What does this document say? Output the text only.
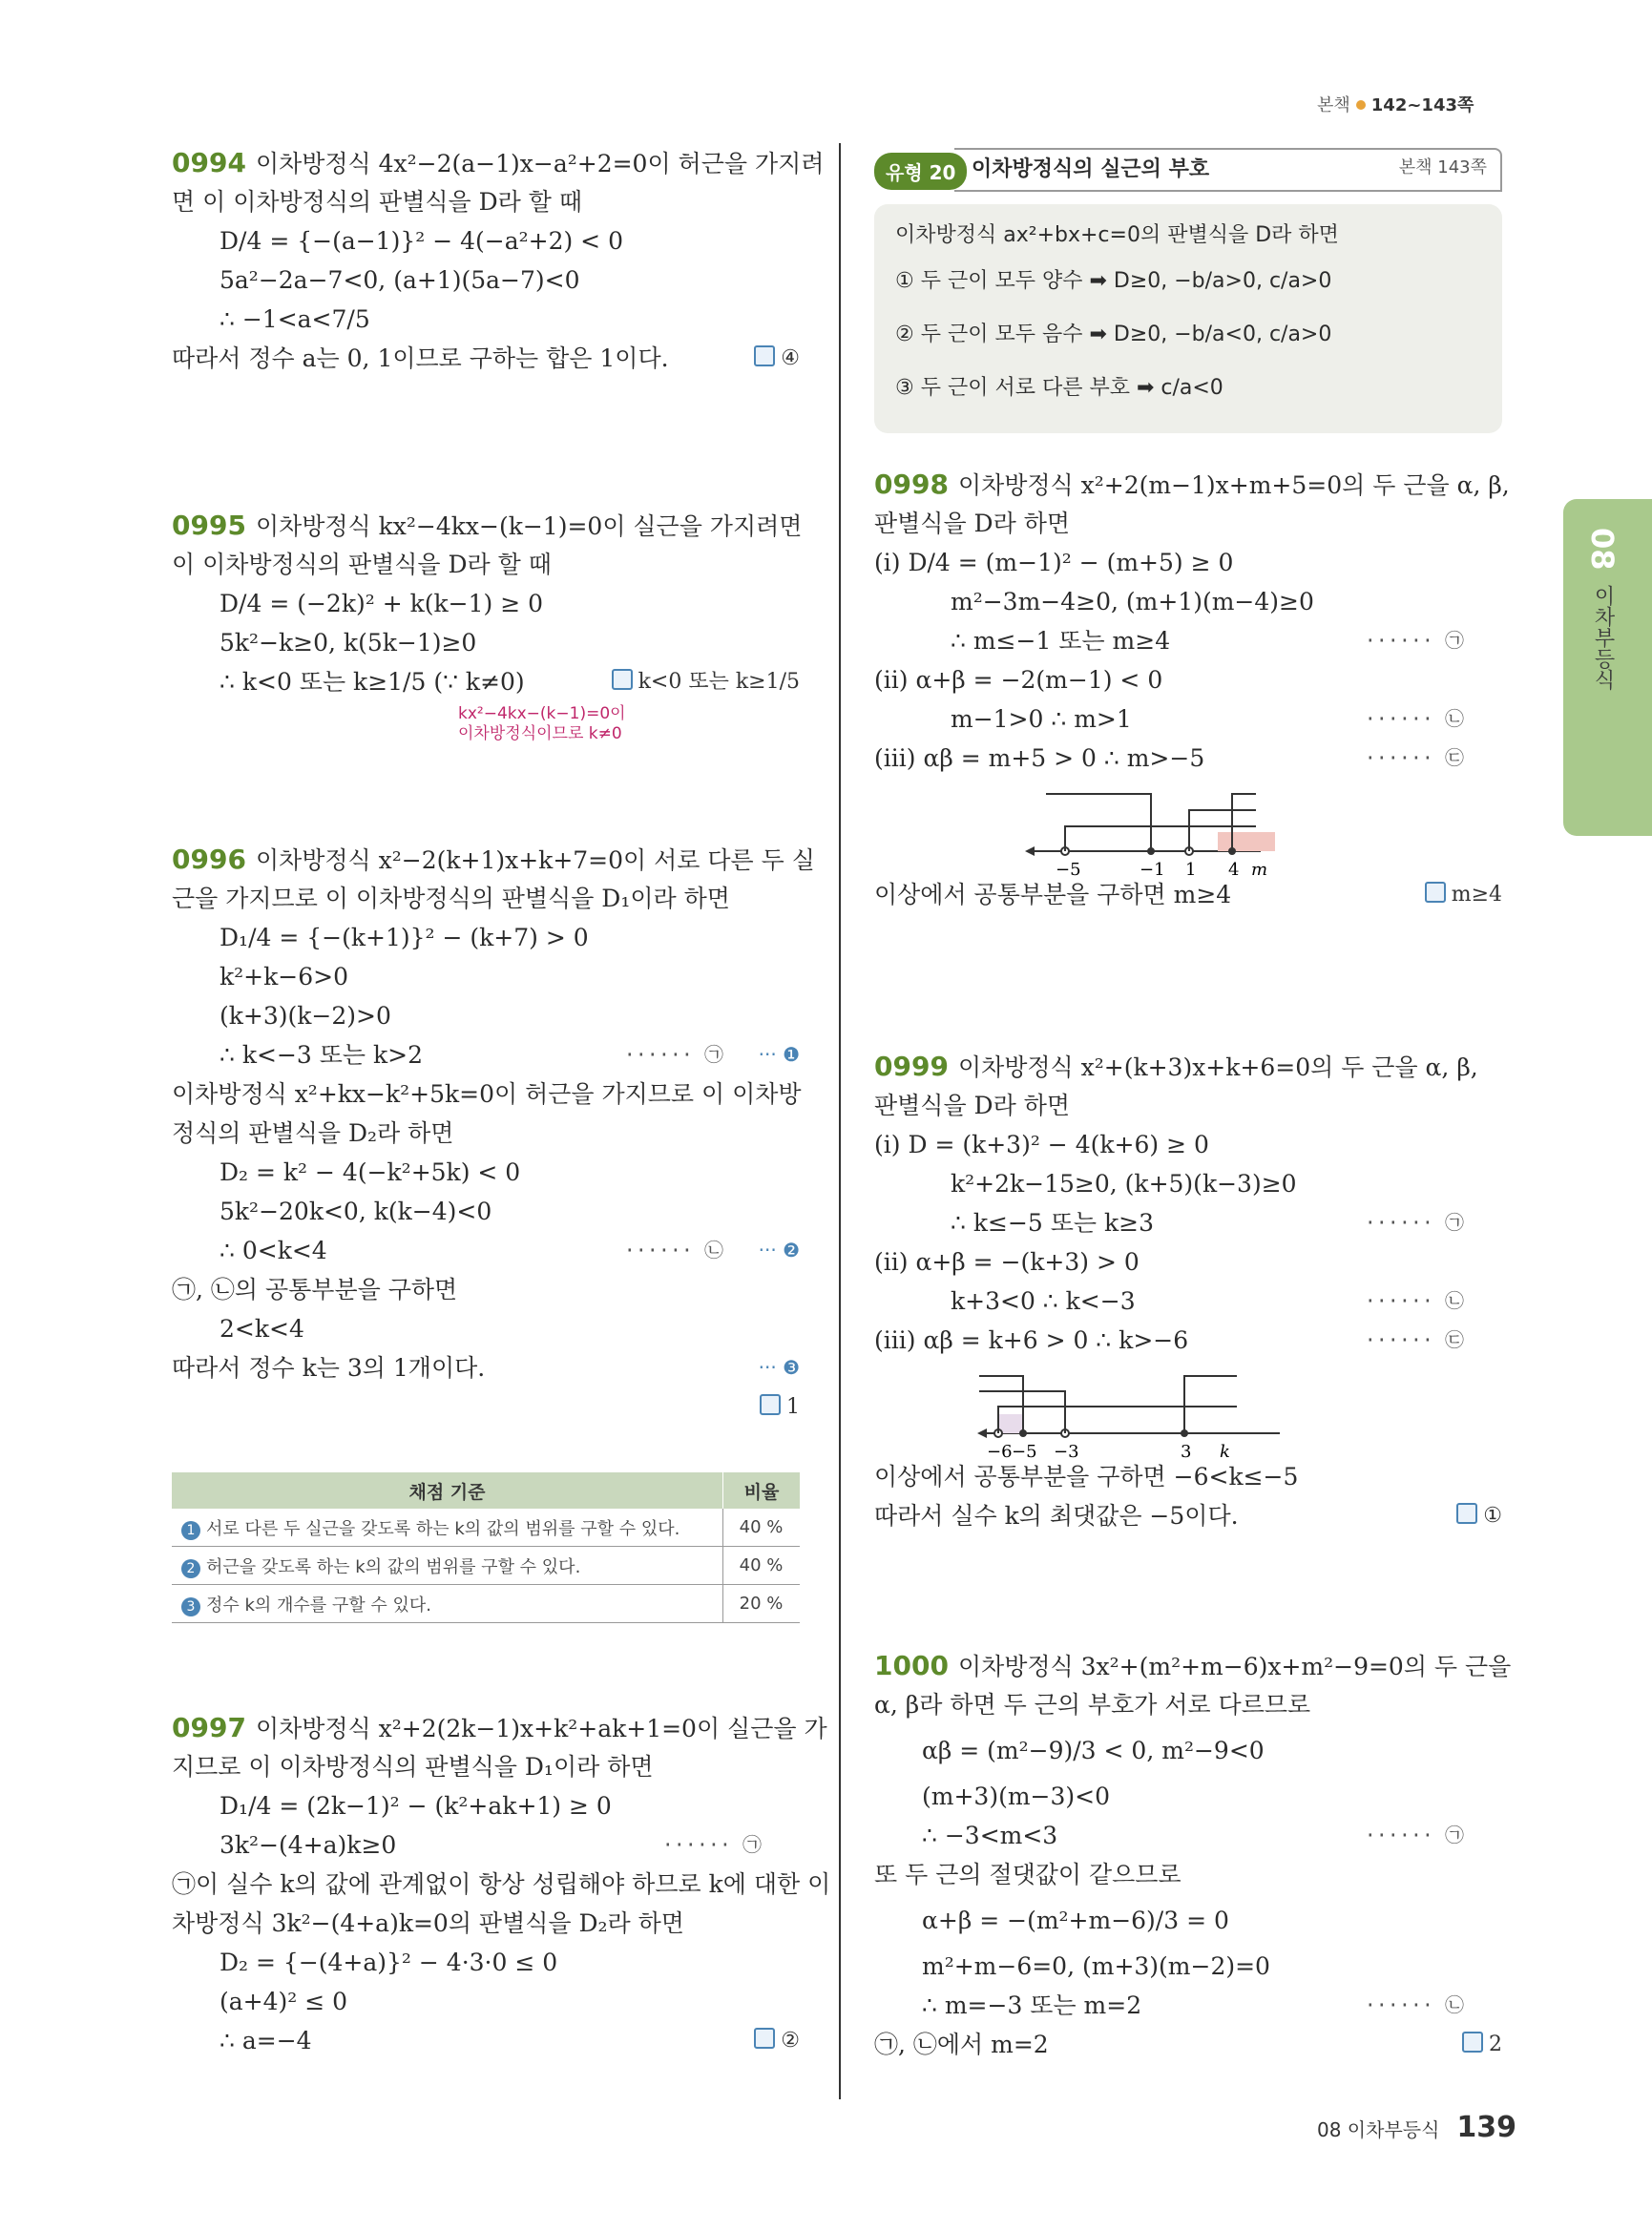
본책 142~143쪽
0994 이차방정식 4x²−2(a−1)x−a²+2=0이 허근을 가지려
면 이 이차방정식의 판별식을 D라 할 때
D/4 = {−(a−1)}² − 4(−a²+2) < 0
5a²−2a−7<0, (a+1)(5a−7)<0
∴ −1<a<7/5
따라서 정수 a는 0, 1이므로 구하는 합은 1이다.	④
0995 이차방정식 kx²−4kx−(k−1)=0이 실근을 가지려면
이 이차방정식의 판별식을 D라 할 때
D/4 = (−2k)² + k(k−1) ≥ 0
5k²−k≥0, k(5k−1)≥0
∴ k<0 또는 k≥1/5 (∵ k≠0)	k<0 또는 k≥1/5
kx²−4kx−(k−1)=0이
이차방정식이므로 k≠0
0996 이차방정식 x²−2(k+1)x+k+7=0이 서로 다른 두 실
근을 가지므로 이 이차방정식의 판별식을 D₁이라 하면
D₁/4 = {−(k+1)}² − (k+7) > 0
k²+k−6>0
(k+3)(k−2)>0
∴ k<−3 또는 k>2	······ ㉠ ··· ❶
이차방정식 x²+kx−k²+5k=0이 허근을 가지므로 이 이차방
정식의 판별식을 D₂라 하면
D₂ = k² − 4(−k²+5k) < 0
5k²−20k<0, k(k−4)<0
∴ 0<k<4	······ ㉡ ··· ❷
㉠, ㉡의 공통부분을 구하면
2<k<4
따라서 정수 k는 3의 1개이다.	··· ❸
1
채점 기준	비율
1 서로 다른 두 실근을 갖도록 하는 k의 값의 범위를 구할 수 있다.	40 %
2 허근을 갖도록 하는 k의 값의 범위를 구할 수 있다.	40 %
3 정수 k의 개수를 구할 수 있다.	20 %
0997 이차방정식 x²+2(2k−1)x+k²+ak+1=0이 실근을 가
지므로 이 이차방정식의 판별식을 D₁이라 하면
D₁/4 = (2k−1)² − (k²+ak+1) ≥ 0
3k²−(4+a)k≥0	······ ㉠
㉠이 실수 k의 값에 관계없이 항상 성립해야 하므로 k에 대한 이
차방정식 3k²−(4+a)k=0의 판별식을 D₂라 하면
D₂ = {−(4+a)}² − 4·3·0 ≤ 0
(a+4)² ≤ 0
∴ a=−4	②
유형 20 이차방정식의 실근의 부호	본책 143쪽
이차방정식 ax²+bx+c=0의 판별식을 D라 하면
① 두 근이 모두 양수 ➡ D≥0, −b/a>0, c/a>0
② 두 근이 모두 음수 ➡ D≥0, −b/a<0, c/a>0
③ 두 근이 서로 다른 부호 ➡ c/a<0
0998 이차방정식 x²+2(m−1)x+m+5=0의 두 근을 α, β,
판별식을 D라 하면
(i) D/4 = (m−1)² − (m+5) ≥ 0
m²−3m−4≥0, (m+1)(m−4)≥0
∴ m≤−1 또는 m≥4	······ ㉠
(ii) α+β = −2(m−1) < 0
m−1>0 ∴ m>1	······ ㉡
(iii) αβ = m+5 > 0 ∴ m>−5	······ ㉢
−5	−1 1 4 m
이상에서 공통부분을 구하면 m≥4	m≥4
0999 이차방정식 x²+(k+3)x+k+6=0의 두 근을 α, β,
판별식을 D라 하면
(i) D = (k+3)² − 4(k+6) ≥ 0
k²+2k−15≥0, (k+5)(k−3)≥0
∴ k≤−5 또는 k≥3	······ ㉠
(ii) α+β = −(k+3) > 0
k+3<0 ∴ k<−3	······ ㉡
(iii) αβ = k+6 > 0 ∴ k>−6	······ ㉢
−6 −5 −3	3 k
이상에서 공통부분을 구하면 −6<k≤−5
따라서 실수 k의 최댓값은 −5이다.	①
1000 이차방정식 3x²+(m²+m−6)x+m²−9=0의 두 근을
α, β라 하면 두 근의 부호가 서로 다르므로
αβ = (m²−9)/3 < 0, m²−9<0
(m+3)(m−3)<0
∴ −3<m<3	······ ㉠
또 두 근의 절댓값이 같으므로
α+β = −(m²+m−6)/3 = 0
m²+m−6=0, (m+3)(m−2)=0
∴ m=−3 또는 m=2	······ ㉡
㉠, ㉡에서 m=2	2
08
이차부등식
08 이차부등식 139
